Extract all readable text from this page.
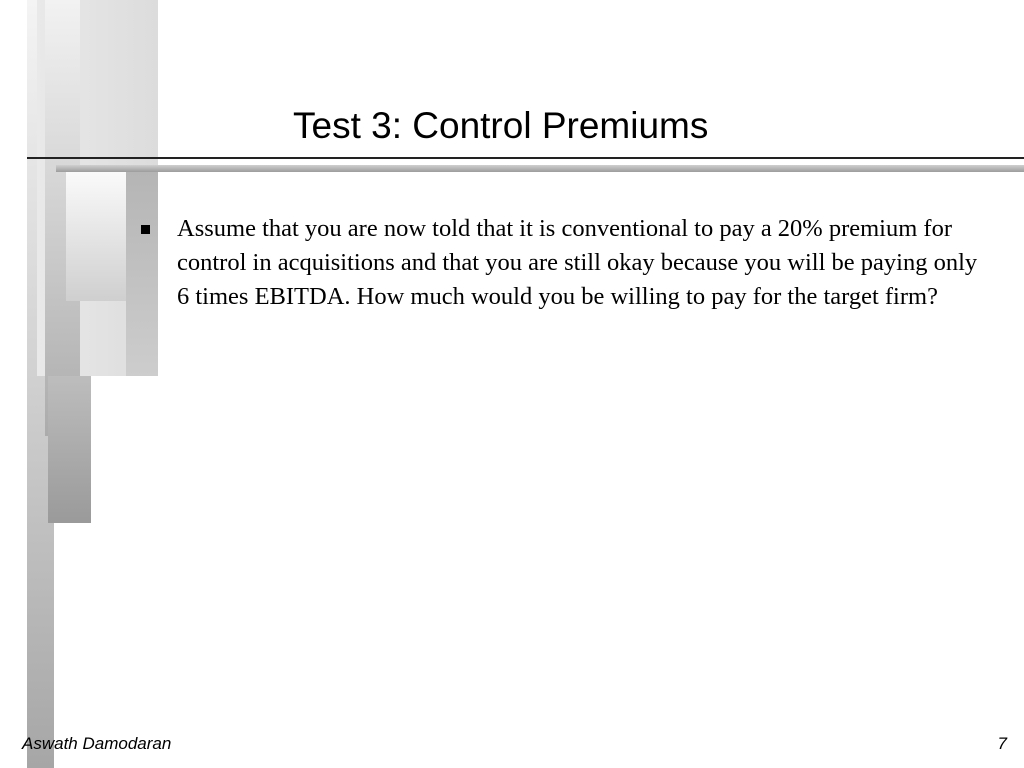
Test 3: Control Premiums
Assume that you are now told that it is conventional to pay a 20% premium for control in acquisitions and that you are still okay because you will be paying only 6 times EBITDA. How much would you be willing to pay for the target firm?
Aswath Damodaran	7
